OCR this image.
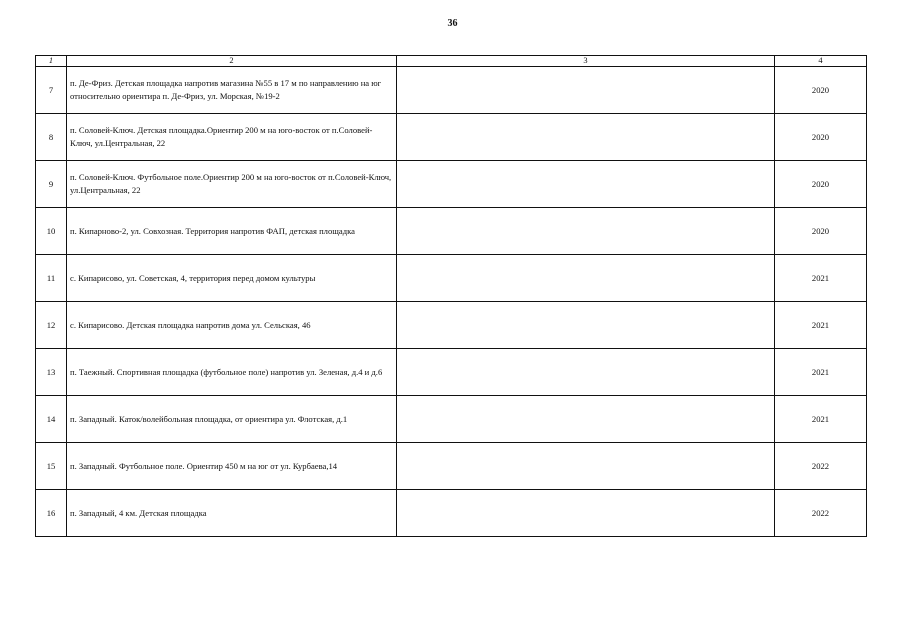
36
1	2	3	4
7	п. Де-Фриз. Детская площадка напротив магазина №55 в 17 м по направлению на юг относительно ориентира п. Де-Фриз, ул. Морская, №19-2		2020
8	п. Соловей-Ключ. Детская площадка.Ориентир 200 м на юго-восток от п.Соловей-Ключ, ул.Центральная, 22		2020
9	п. Соловей-Ключ. Футбольное поле.Ориентир 200 м на юго-восток от п.Соловей-Ключ, ул.Центральная, 22		2020
10	п. Кипарново-2, ул. Совхозная. Территория напротив ФАП, детская площадка		2020
11	с. Кипарисово, ул. Советская, 4, территория перед домом культуры		2021
12	с. Кипарисово. Детская площадка напротив дома ул. Сельская, 46		2021
13	п. Таежный. Спортивная площадка (футбольное поле) напротив ул. Зеленая, д.4 и д.6		2021
14	п. Западный. Каток/волейбольная площадка, от ориентира ул. Флотская, д.1		2021
15	п. Западный. Футбольное поле. Ориентир 450 м на юг от ул. Курбаева,14		2022
16	п. Западный, 4 км. Детская площадка		2022
